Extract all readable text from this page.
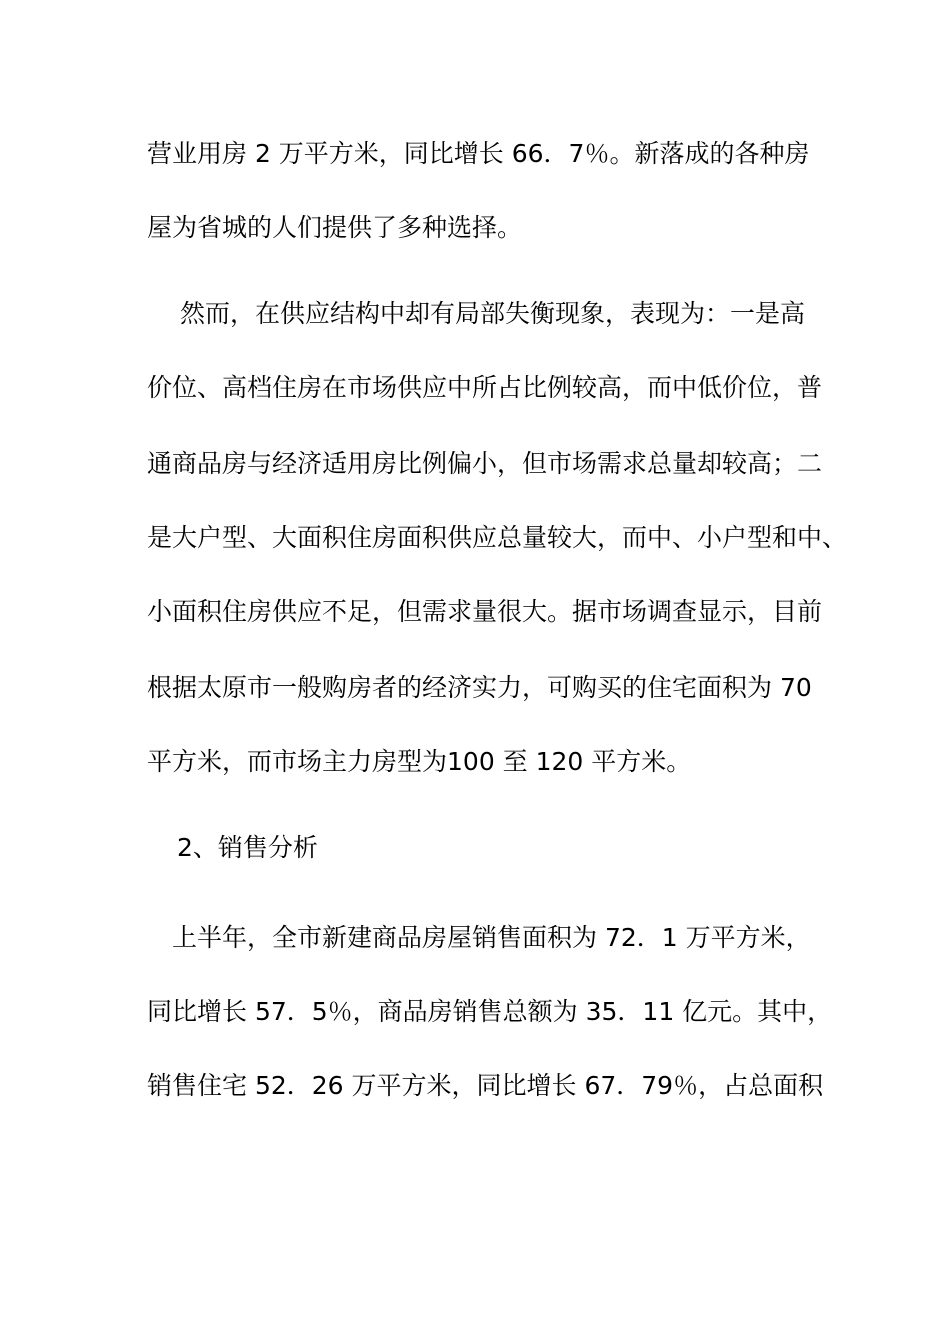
营业用房 2 万平方米，同比增长 66．7％。新落成的各种房
屋为省城的人们提供了多种选择。
然而，在供应结构中却有局部失衡现象，表现为：一是高
价位、高档住房在市场供应中所占比例较高，而中低价位，普
通商品房与经济适用房比例偏小，但市场需求总量却较高；二
是大户型、大面积住房面积供应总量较大，而中、小户型和中、
小面积住房供应不足，但需求量很大。据市场调查显示，目前
根据太原市一般购房者的经济实力，可购买的住宅面积为 70
平方米，而市场主力房型为100 至 120 平方米。
2、销售分析
上半年，全市新建商品房屋销售面积为 72．1 万平方米，
同比增长 57．5％，商品房销售总额为 35．11 亿元。其中，
销售住宅 52．26 万平方米，同比增长 67．79％，占总面积
